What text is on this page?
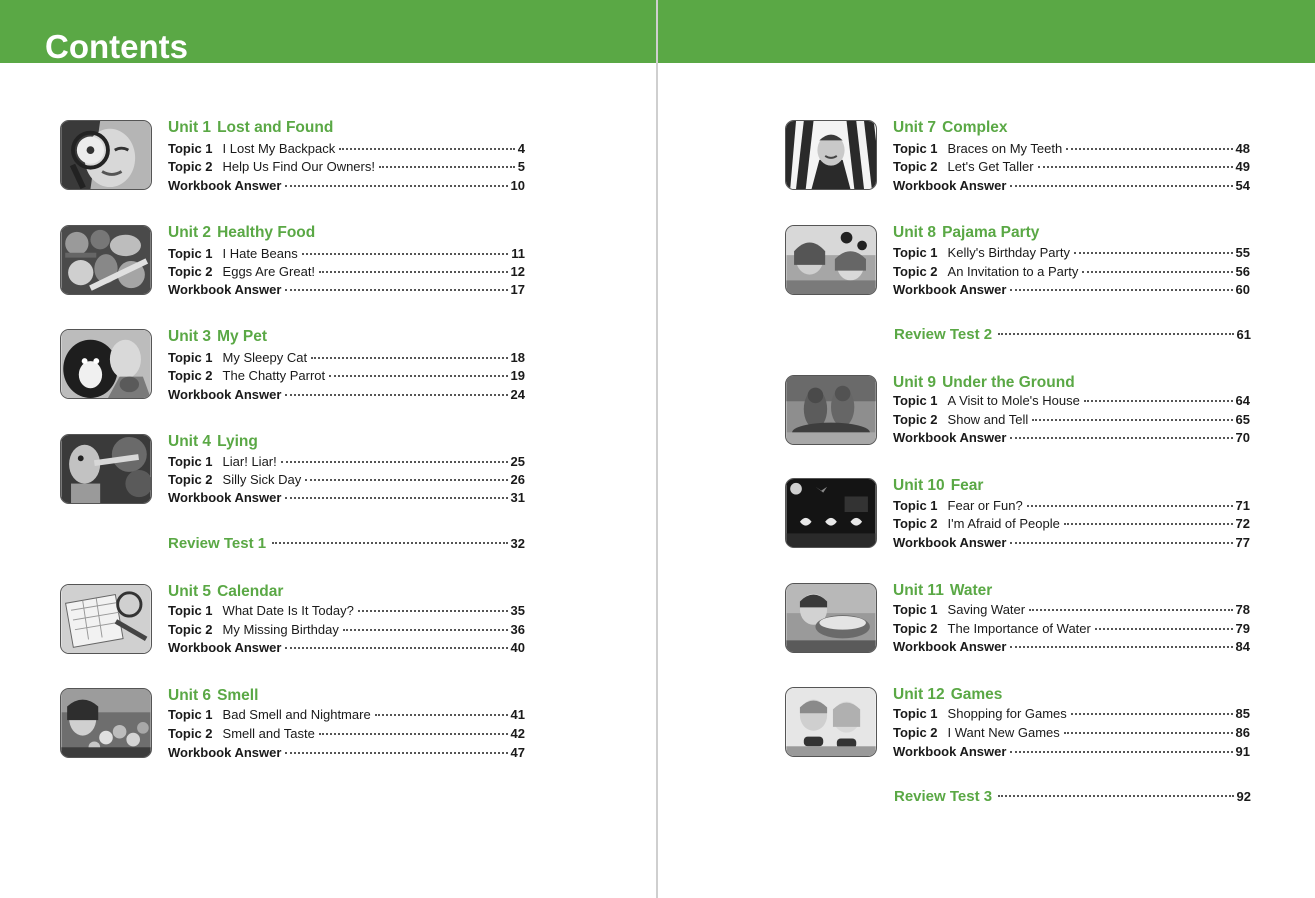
Contents
Unit 1 Lost and Found
Topic 1 I Lost My Backpack	4
Topic 2 Help Us Find Our Owners!	5
Workbook Answer	10
Unit 2 Healthy Food
Topic 1 I Hate Beans	11
Topic 2 Eggs Are Great!	12
Workbook Answer	17
Unit 3 My Pet
Topic 1 My Sleepy Cat	18
Topic 2 The Chatty Parrot	19
Workbook Answer	24
Unit 4 Lying
Topic 1 Liar! Liar!	25
Topic 2 Silly Sick Day	26
Workbook Answer	31
Review Test 1	32
Unit 5 Calendar
Topic 1 What Date Is It Today?	35
Topic 2 My Missing Birthday	36
Workbook Answer	40
Unit 6 Smell
Topic 1 Bad Smell and Nightmare	41
Topic 2 Smell and Taste	42
Workbook Answer	47
Unit 7 Complex
Topic 1 Braces on My Teeth	48
Topic 2 Let's Get Taller	49
Workbook Answer	54
Unit 8 Pajama Party
Topic 1 Kelly's Birthday Party	55
Topic 2 An Invitation to a Party	56
Workbook Answer	60
Review Test 2	61
Unit 9 Under the Ground
Topic 1 A Visit to Mole's House	64
Topic 2 Show and Tell	65
Workbook Answer	70
Unit 10 Fear
Topic 1 Fear or Fun?	71
Topic 2 I'm Afraid of People	72
Workbook Answer	77
Unit 11 Water
Topic 1 Saving Water	78
Topic 2 The Importance of Water	79
Workbook Answer	84
Unit 12 Games
Topic 1 Shopping for Games	85
Topic 2 I Want New Games	86
Workbook Answer	91
Review Test 3	92
